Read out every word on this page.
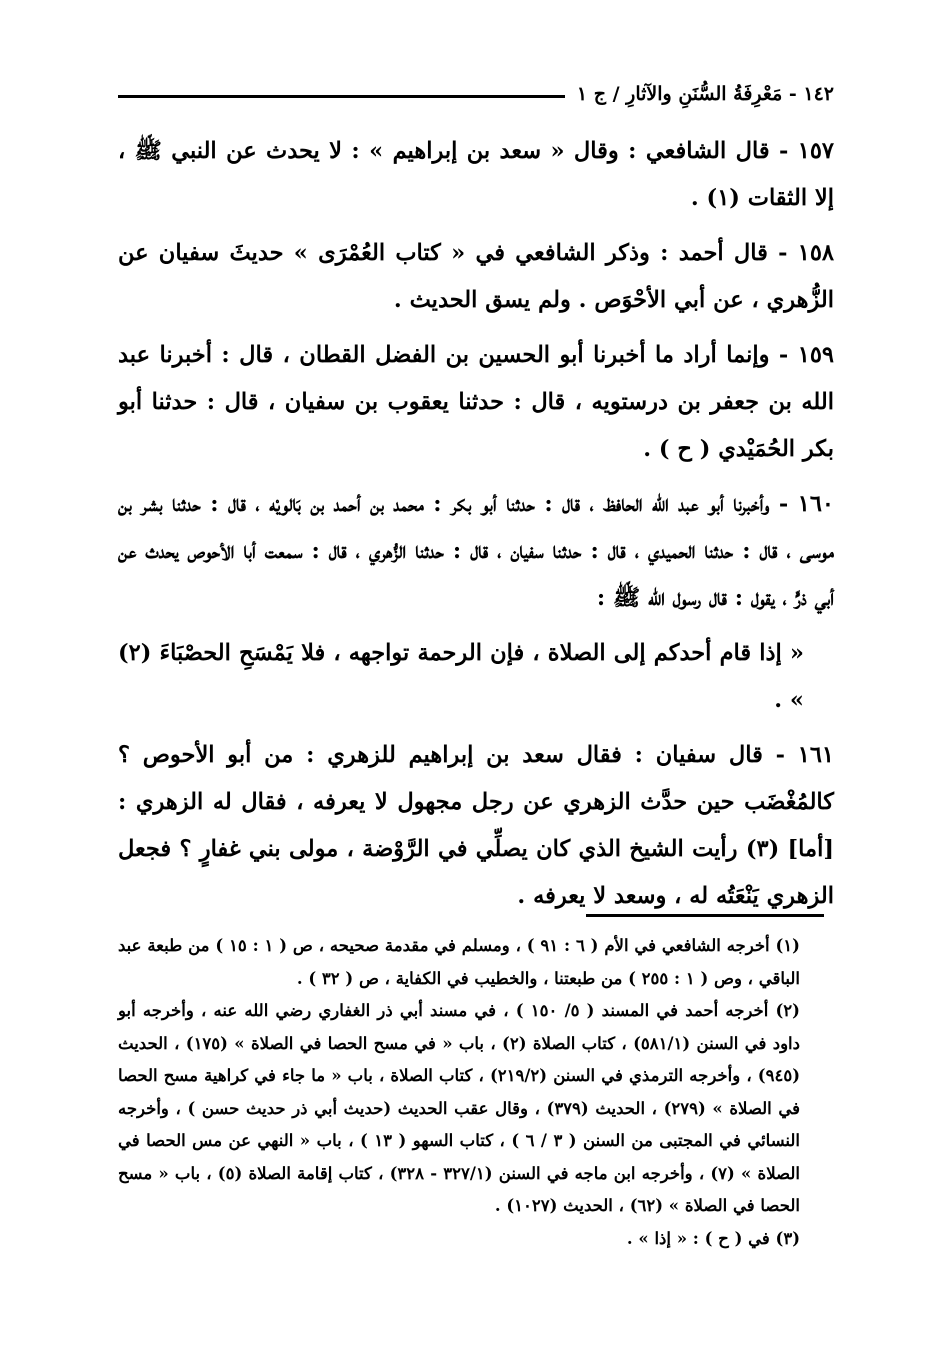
١٤٢ - مَعْرِفَةُ السُّنَنِ والآثارِ / ج ١

١٥٧ - قال الشافعي : وقال « سعد بن إبراهيم » : لا يحدث عن النبي ﷺ ، إلا الثقات (١) .

١٥٨ - قال أحمد : وذكر الشافعي في « كتاب العُمْرَى » حديثَ سفيان عن الزُّهري ، عن أبي الأحْوَص . ولم يسق الحديث .

١٥٩ - وإنما أراد ما أخبرنا أبو الحسين بن الفضل القطان ، قال : أخبرنا عبد الله بن جعفر بن درستويه ، قال : حدثنا يعقوب بن سفيان ، قال : حدثنا أبو بكر الحُمَيْدي ( ح ) .

١٦٠ - وأخبرنا أبو عبد الله الحافظ ، قال : حدثنا أبو بكر : محمد بن أحمد بن بَالويْه ، قال : حدثنا بشر بن موسى ، قال : حدثنا الحميدي ، قال : حدثنا سفيان ، قال : حدثنا الزُّهري ، قال : سمعت أبا الأحوص يحدث عن أبي ذرٍّ ، يقول : قال رسول الله ﷺ :

« إذا قام أحدكم إلى الصلاة ، فإن الرحمة تواجهه ، فلا يَمْسَحِ الحصْبَاءَ (٢) » .

١٦١ - قال سفيان : فقال سعد بن إبراهيم للزهري : من أبو الأحوص ؟ كالمُغْضَب حين حدَّث الزهري عن رجل مجهول لا يعرفه ، فقال له الزهري : [أما] (٣) رأيت الشيخ الذي كان يصلِّي في الرَّوْضة ، مولى بني غفارٍ ؟ فجعل الزهري يَنْعَتُه له ، وسعد لا يعرفه .

(١) أخرجه الشافعي في الأم ( ٦ : ٩١ ) ، ومسلم في مقدمة صحيحه ، ص ( ١ : ١٥ ) من طبعة عبد الباقي ، وص ( ١ : ٢٥٥ ) من طبعتنا ، والخطيب في الكفاية ، ص ( ٣٢ ) .

(٢) أخرجه أحمد في المسند ( ٥/ ١٥٠ ) ، في مسند أبي ذر الغفاري رضي الله عنه ، وأخرجه أبو داود في السنن (٥٨١/١) ، كتاب الصلاة (٢) ، باب « في مسح الحصا في الصلاة » (١٧٥) ، الحديث (٩٤٥) ، وأخرجه الترمذي في السنن (٢١٩/٢) ، كتاب الصلاة ، باب « ما جاء في كراهية مسح الحصا في الصلاة » (٢٧٩) ، الحديث (٣٧٩) ، وقال عقب الحديث (حديث أبي ذر حديث حسن ) ، وأخرجه النسائي في المجتبى من السنن ( ٣ / ٦ ) ، كتاب السهو ( ١٣ ) ، باب « النهي عن مس الحصا في الصلاة » (٧) ، وأخرجه ابن ماجه في السنن (٣٢٧/١ - ٣٢٨) ، كتاب إقامة الصلاة (٥) ، باب « مسح الحصا في الصلاة » (٦٢) ، الحديث (١٠٢٧) .

(٣) في ( ح ) : « إذا » .
